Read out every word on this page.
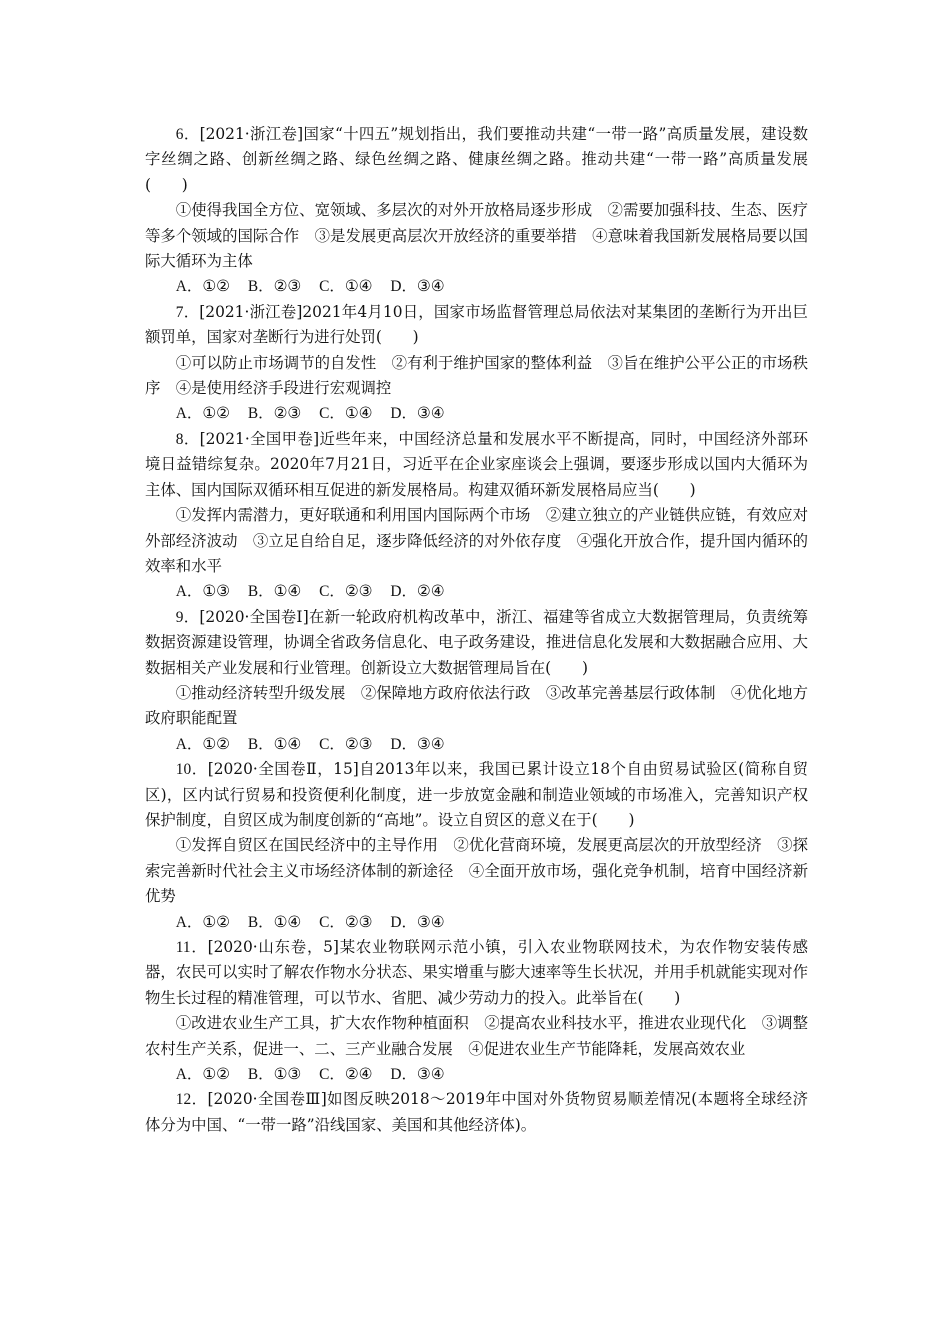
6．[2021·浙江卷]国家“十四五”规划指出，我们要推动共建“一带一路”高质量发展，建设数字丝绸之路、创新丝绸之路、绿色丝绸之路、健康丝绸之路。推动共建“一带一路”高质量发展(　　)

①使得我国全方位、宽领域、多层次的对外开放格局逐步形成　②需要加强科技、生态、医疗等多个领域的国际合作　③是发展更高层次开放经济的重要举措　④意味着我国新发展格局要以国际大循环为主体

A．①② B．②③ C．①④ D．③④

7．[2021·浙江卷]2021年4月10日，国家市场监督管理总局依法对某集团的垄断行为开出巨额罚单，国家对垄断行为进行处罚(　　)

①可以防止市场调节的自发性　②有利于维护国家的整体利益　③旨在维护公平公正的市场秩序　④是使用经济手段进行宏观调控

A．①② B．②③ C．①④ D．③④

8．[2021·全国甲卷]近些年来，中国经济总量和发展水平不断提高，同时，中国经济外部环境日益错综复杂。2020年7月21日，习近平在企业家座谈会上强调，要逐步形成以国内大循环为主体、国内国际双循环相互促进的新发展格局。构建双循环新发展格局应当(　　)

①发挥内需潜力，更好联通和利用国内国际两个市场　②建立独立的产业链供应链，有效应对外部经济波动　③立足自给自足，逐步降低经济的对外依存度　④强化开放合作，提升国内循环的效率和水平

A．①③ B．①④ C．②③ D．②④

9．[2020·全国卷Ⅰ]在新一轮政府机构改革中，浙江、福建等省成立大数据管理局，负责统筹数据资源建设管理，协调全省政务信息化、电子政务建设，推进信息化发展和大数据融合应用、大数据相关产业发展和行业管理。创新设立大数据管理局旨在(　　)

①推动经济转型升级发展　②保障地方政府依法行政　③改革完善基层行政体制　④优化地方政府职能配置

A．①② B．①④ C．②③ D．③④

10．[2020·全国卷Ⅱ，15]自2013年以来，我国已累计设立18个自由贸易试验区(简称自贸区)，区内试行贸易和投资便利化制度，进一步放宽金融和制造业领域的市场准入，完善知识产权保护制度，自贸区成为制度创新的“高地”。设立自贸区的意义在于(　　)

①发挥自贸区在国民经济中的主导作用　②优化营商环境，发展更高层次的开放型经济　③探索完善新时代社会主义市场经济体制的新途径　④全面开放市场，强化竞争机制，培育中国经济新优势

A．①② B．①④ C．②③ D．③④

11．[2020·山东卷，5]某农业物联网示范小镇，引入农业物联网技术，为农作物安装传感器，农民可以实时了解农作物水分状态、果实增重与膨大速率等生长状况，并用手机就能实现对作物生长过程的精准管理，可以节水、省肥、减少劳动力的投入。此举旨在(　　)

①改进农业生产工具，扩大农作物种植面积　②提高农业科技水平，推进农业现代化　③调整农村生产关系，促进一、二、三产业融合发展　④促进农业生产节能降耗，发展高效农业

A．①② B．①③ C．②④ D．③④

12．[2020·全国卷Ⅲ]如图反映2018～2019年中国对外货物贸易顺差情况(本题将全球经济体分为中国、“一带一路”沿线国家、美国和其他经济体)。
